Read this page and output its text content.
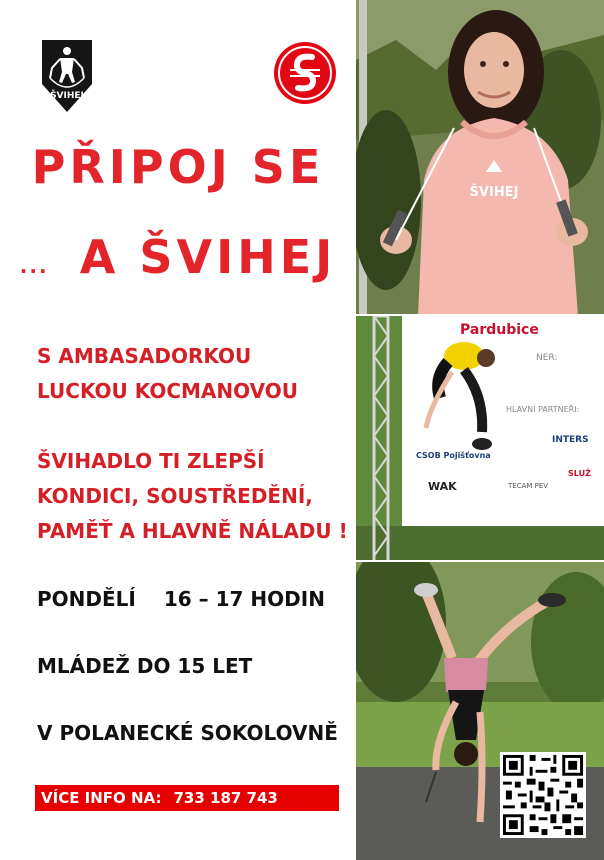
ŠVIHEJ
PŘIPOJ SE
... A ŠVIHEJ
S AMBASADORKOU
LUCKOU KOCMANOVOU
ŠVIHADLO TI ZLEPŠÍ
KONDICI, SOUSTŘEDĚNÍ,
PAMĚŤ A HLAVNĚ NÁLADU !
PONDĚLÍ 16 – 17 HODIN
MLÁDEŽ DO 15 LET
V POLANECKÉ SOKOLOVNĚ
VÍCE INFO NA: 733 187 743
ŠVIHEJ
Pardubice
NER:
HLAVNÍ PARTNEŘI:
CSOB Pojišťovna
INTERS
WAK	TECAM PEV
SLUŽ
